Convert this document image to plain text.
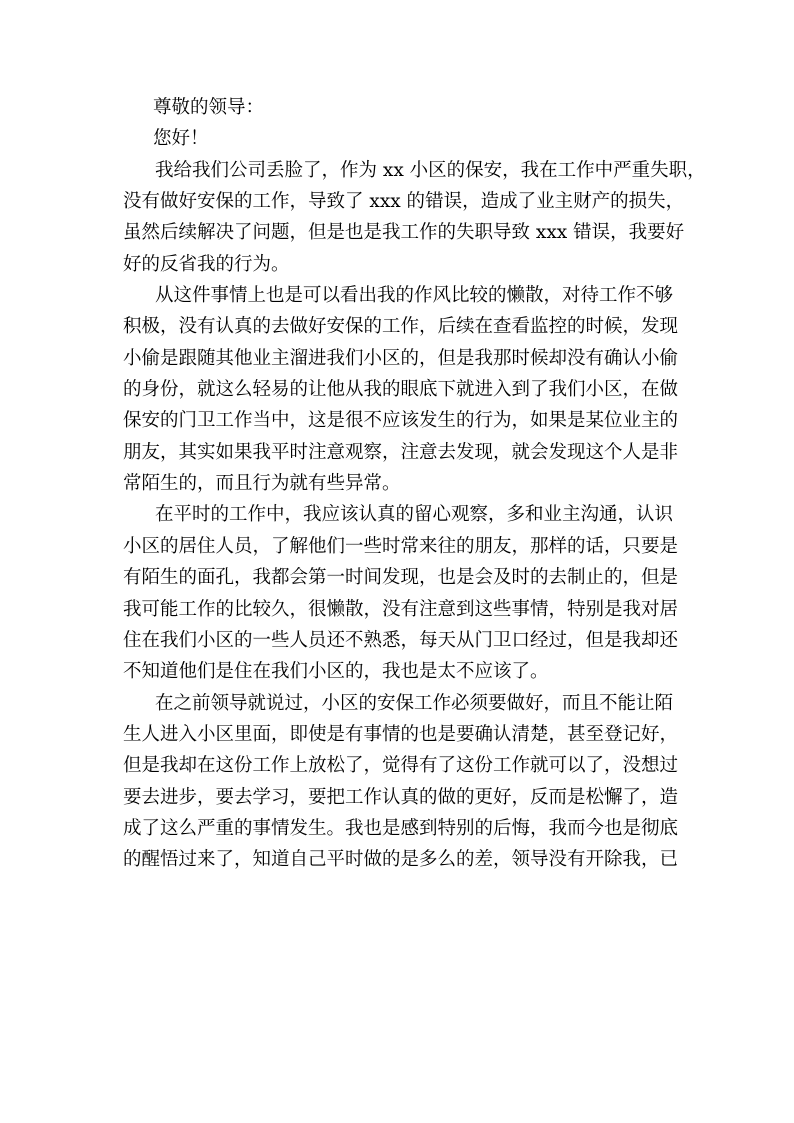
尊敬的领导：
您好！
我给我们公司丢脸了，作为 xx 小区的保安，我在工作中严重失职，
没有做好安保的工作，导致了 xxx 的错误，造成了业主财产的损失，
虽然后续解决了问题，但是也是我工作的失职导致 xxx 错误，我要好
好的反省我的行为。
从这件事情上也是可以看出我的作风比较的懒散，对待工作不够
积极，没有认真的去做好安保的工作，后续在查看监控的时候，发现
小偷是跟随其他业主溜进我们小区的，但是我那时候却没有确认小偷
的身份，就这么轻易的让他从我的眼底下就进入到了我们小区，在做
保安的门卫工作当中，这是很不应该发生的行为，如果是某位业主的
朋友，其实如果我平时注意观察，注意去发现，就会发现这个人是非
常陌生的，而且行为就有些异常。
在平时的工作中，我应该认真的留心观察，多和业主沟通，认识
小区的居住人员，了解他们一些时常来往的朋友，那样的话，只要是
有陌生的面孔，我都会第一时间发现，也是会及时的去制止的，但是
我可能工作的比较久，很懒散，没有注意到这些事情，特别是我对居
住在我们小区的一些人员还不熟悉，每天从门卫口经过，但是我却还
不知道他们是住在我们小区的，我也是太不应该了。
在之前领导就说过，小区的安保工作必须要做好，而且不能让陌
生人进入小区里面，即使是有事情的也是要确认清楚，甚至登记好，
但是我却在这份工作上放松了，觉得有了这份工作就可以了，没想过
要去进步，要去学习，要把工作认真的做的更好，反而是松懈了，造
成了这么严重的事情发生。我也是感到特别的后悔，我而今也是彻底
的醒悟过来了，知道自己平时做的是多么的差，领导没有开除我，已
